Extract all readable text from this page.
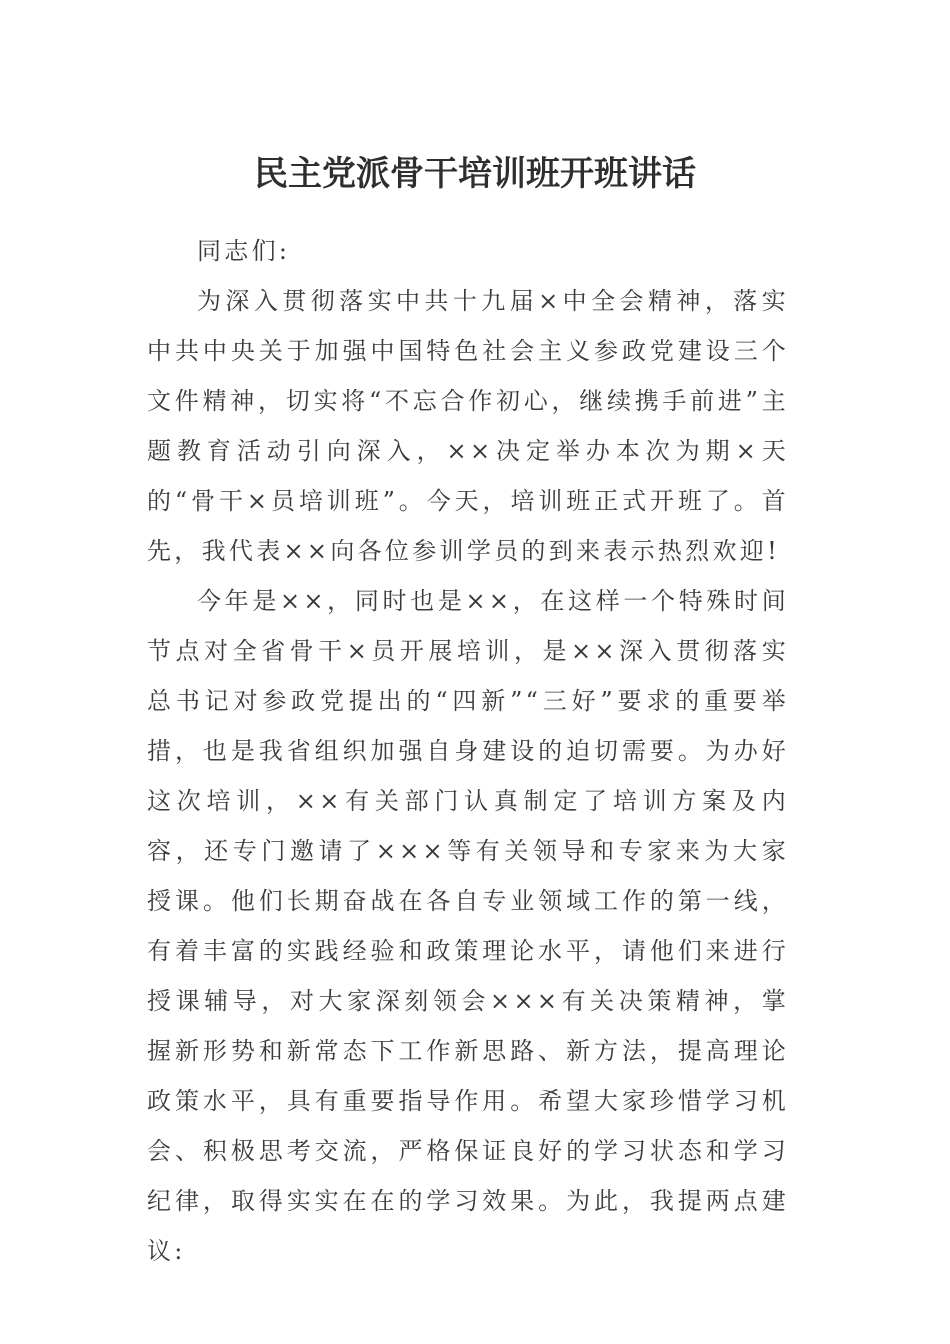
民主党派骨干培训班开班讲话

同志们:

为深入贯彻落实中共十九届×中全会精神，落实中共中央关于加强中国特色社会主义参政党建设三个文件精神，切实将“不忘合作初心，继续携手前进”主题教育活动引向深入，××决定举办本次为期×天的“骨干×员培训班”。今天，培训班正式开班了。首先，我代表××向各位参训学员的到来表示热烈欢迎!

今年是××，同时也是××，在这样一个特殊时间节点对全省骨干×员开展培训，是××深入贯彻落实总书记对参政党提出的“四新”“三好”要求的重要举措，也是我省组织加强自身建设的迫切需要。为办好这次培训，××有关部门认真制定了培训方案及内容，还专门邀请了×××等有关领导和专家来为大家授课。他们长期奋战在各自专业领域工作的第一线，有着丰富的实践经验和政策理论水平，请他们来进行授课辅导，对大家深刻领会×××有关决策精神，掌握新形势和新常态下工作新思路、新方法，提高理论政策水平，具有重要指导作用。希望大家珍惜学习机会、积极思考交流，严格保证良好的学习状态和学习纪律，取得实实在在的学习效果。为此，我提两点建议:
